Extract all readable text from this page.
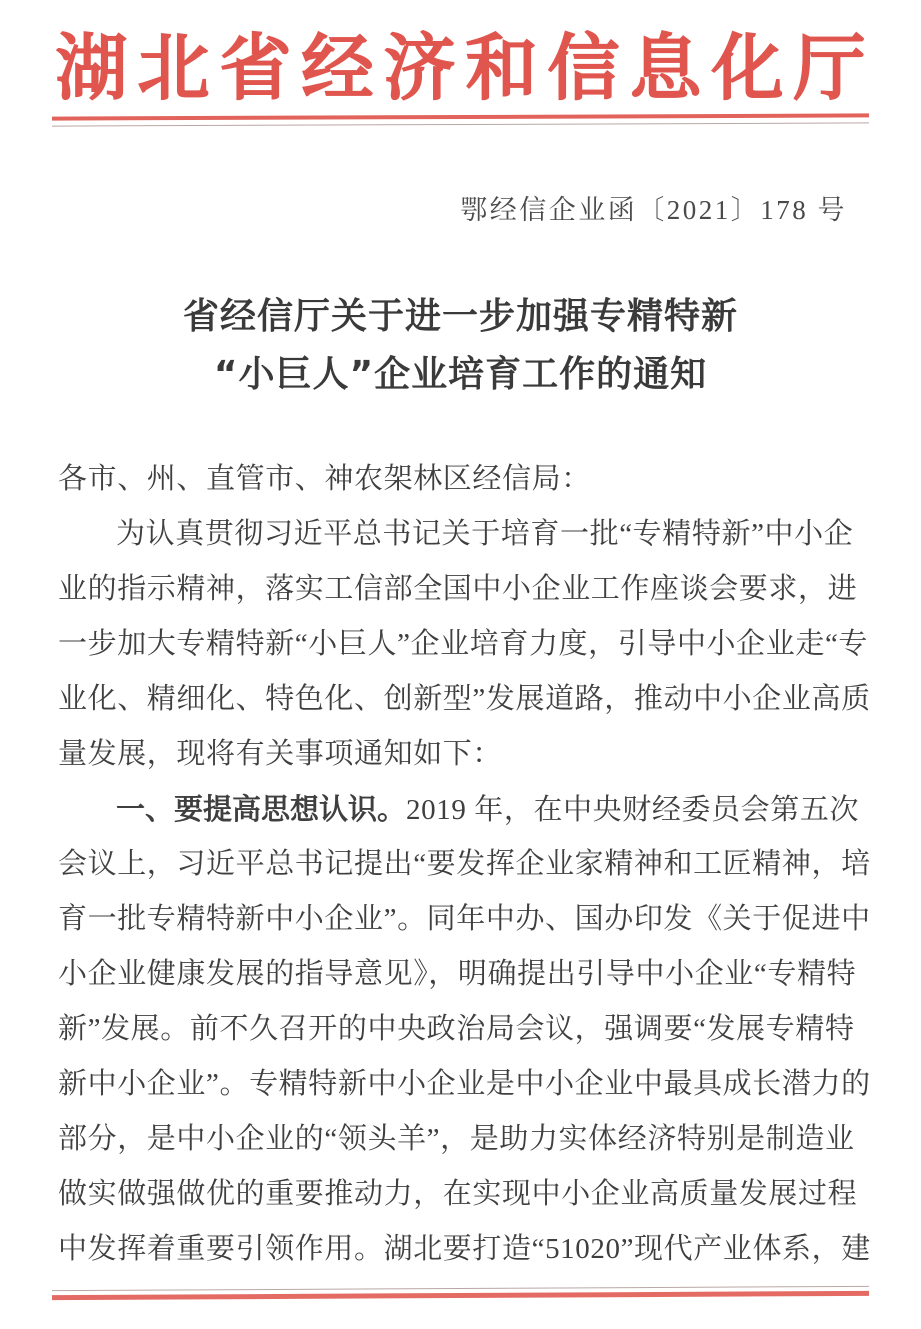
湖北省经济和信息化厅
鄂经信企业函〔2021〕178 号
省经信厅关于进一步加强专精特新
“小巨人”企业培育工作的通知
各市、州、直管市、神农架林区经信局：
为认真贯彻习近平总书记关于培育一批“专精特新”中小企
业的指示精神，落实工信部全国中小企业工作座谈会要求，进
一步加大专精特新“小巨人”企业培育力度，引导中小企业走“专
业化、精细化、特色化、创新型”发展道路，推动中小企业高质
量发展，现将有关事项通知如下：
一、要提高思想认识。2019 年，在中央财经委员会第五次
会议上，习近平总书记提出“要发挥企业家精神和工匠精神，培
育一批专精特新中小企业”。同年中办、国办印发《关于促进中
小企业健康发展的指导意见》，明确提出引导中小企业“专精特
新”发展。前不久召开的中央政治局会议，强调要“发展专精特
新中小企业”。专精特新中小企业是中小企业中最具成长潜力的
部分，是中小企业的“领头羊”，是助力实体经济特别是制造业
做实做强做优的重要推动力，在实现中小企业高质量发展过程
中发挥着重要引领作用。湖北要打造“51020”现代产业体系，建
